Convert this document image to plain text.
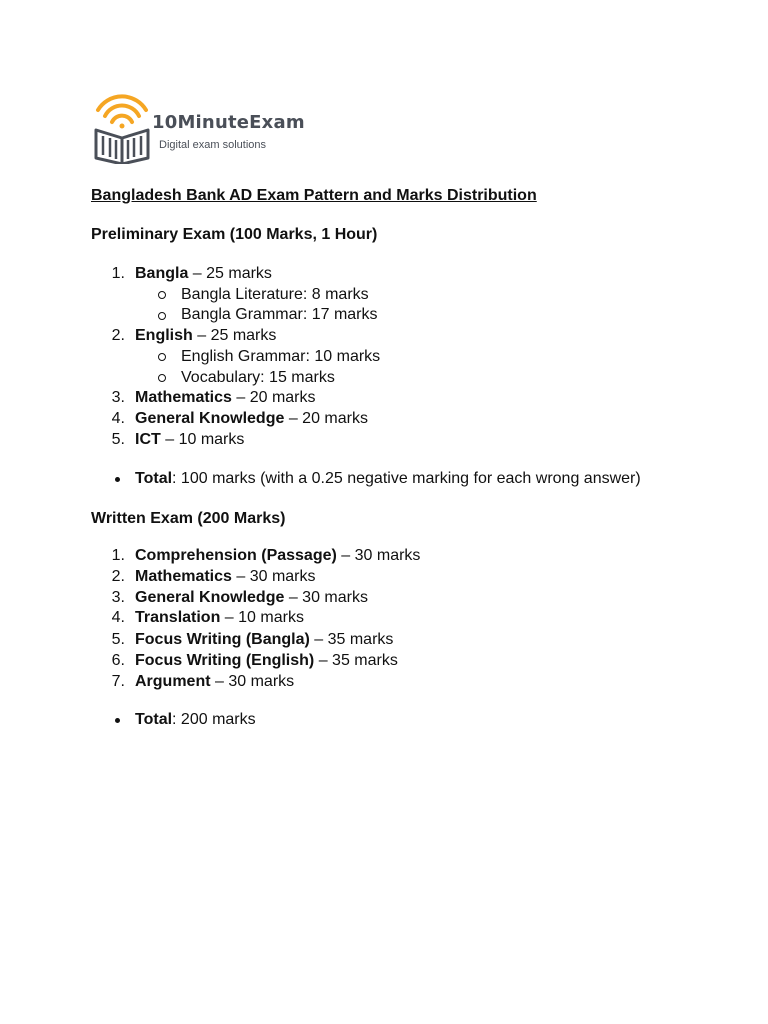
10MinuteExam
Digital exam solutions
Bangladesh Bank AD Exam Pattern and Marks Distribution
Preliminary Exam (100 Marks, 1 Hour)
1. Bangla – 25 marks
Bangla Literature: 8 marks
Bangla Grammar: 17 marks
2. English – 25 marks
English Grammar: 10 marks
Vocabulary: 15 marks
3. Mathematics – 20 marks
4. General Knowledge – 20 marks
5. ICT – 10 marks
Total: 100 marks (with a 0.25 negative marking for each wrong answer)
Written Exam (200 Marks)
1. Comprehension (Passage) – 30 marks
2. Mathematics – 30 marks
3. General Knowledge – 30 marks
4. Translation – 10 marks
5. Focus Writing (Bangla) – 35 marks
6. Focus Writing (English) – 35 marks
7. Argument – 30 marks
Total: 200 marks
